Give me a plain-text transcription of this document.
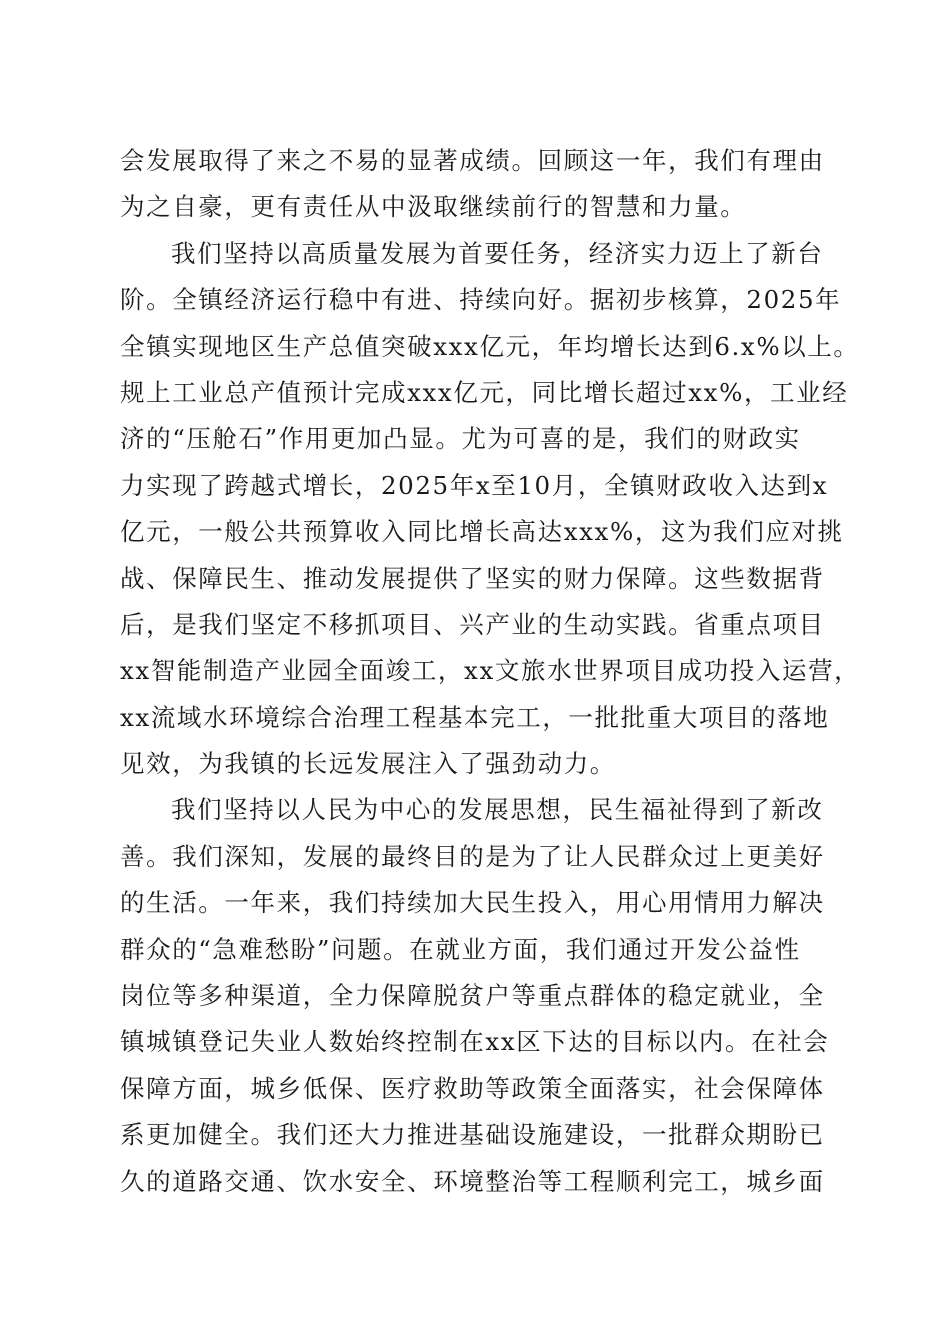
会发展取得了来之不易的显著成绩。回顾这一年，我们有理由
为之自豪，更有责任从中汲取继续前行的智慧和力量。
我们坚持以高质量发展为首要任务，经济实力迈上了新台
阶。全镇经济运行稳中有进、持续向好。据初步核算，2025年
全镇实现地区生产总值突破xxx亿元，年均增长达到6.x%以上。
规上工业总产值预计完成xxx亿元，同比增长超过xx%，工业经
济的“压舱石”作用更加凸显。尤为可喜的是，我们的财政实
力实现了跨越式增长，2025年x至10月，全镇财政收入达到x
亿元，一般公共预算收入同比增长高达xxx%，这为我们应对挑
战、保障民生、推动发展提供了坚实的财力保障。这些数据背
后，是我们坚定不移抓项目、兴产业的生动实践。省重点项目
xx智能制造产业园全面竣工，xx文旅水世界项目成功投入运营，
xx流域水环境综合治理工程基本完工，一批批重大项目的落地
见效，为我镇的长远发展注入了强劲动力。
我们坚持以人民为中心的发展思想，民生福祉得到了新改
善。我们深知，发展的最终目的是为了让人民群众过上更美好
的生活。一年来，我们持续加大民生投入，用心用情用力解决
群众的“急难愁盼”问题。在就业方面，我们通过开发公益性
岗位等多种渠道，全力保障脱贫户等重点群体的稳定就业，全
镇城镇登记失业人数始终控制在xx区下达的目标以内。在社会
保障方面，城乡低保、医疗救助等政策全面落实，社会保障体
系更加健全。我们还大力推进基础设施建设，一批群众期盼已
久的道路交通、饮水安全、环境整治等工程顺利完工，城乡面
